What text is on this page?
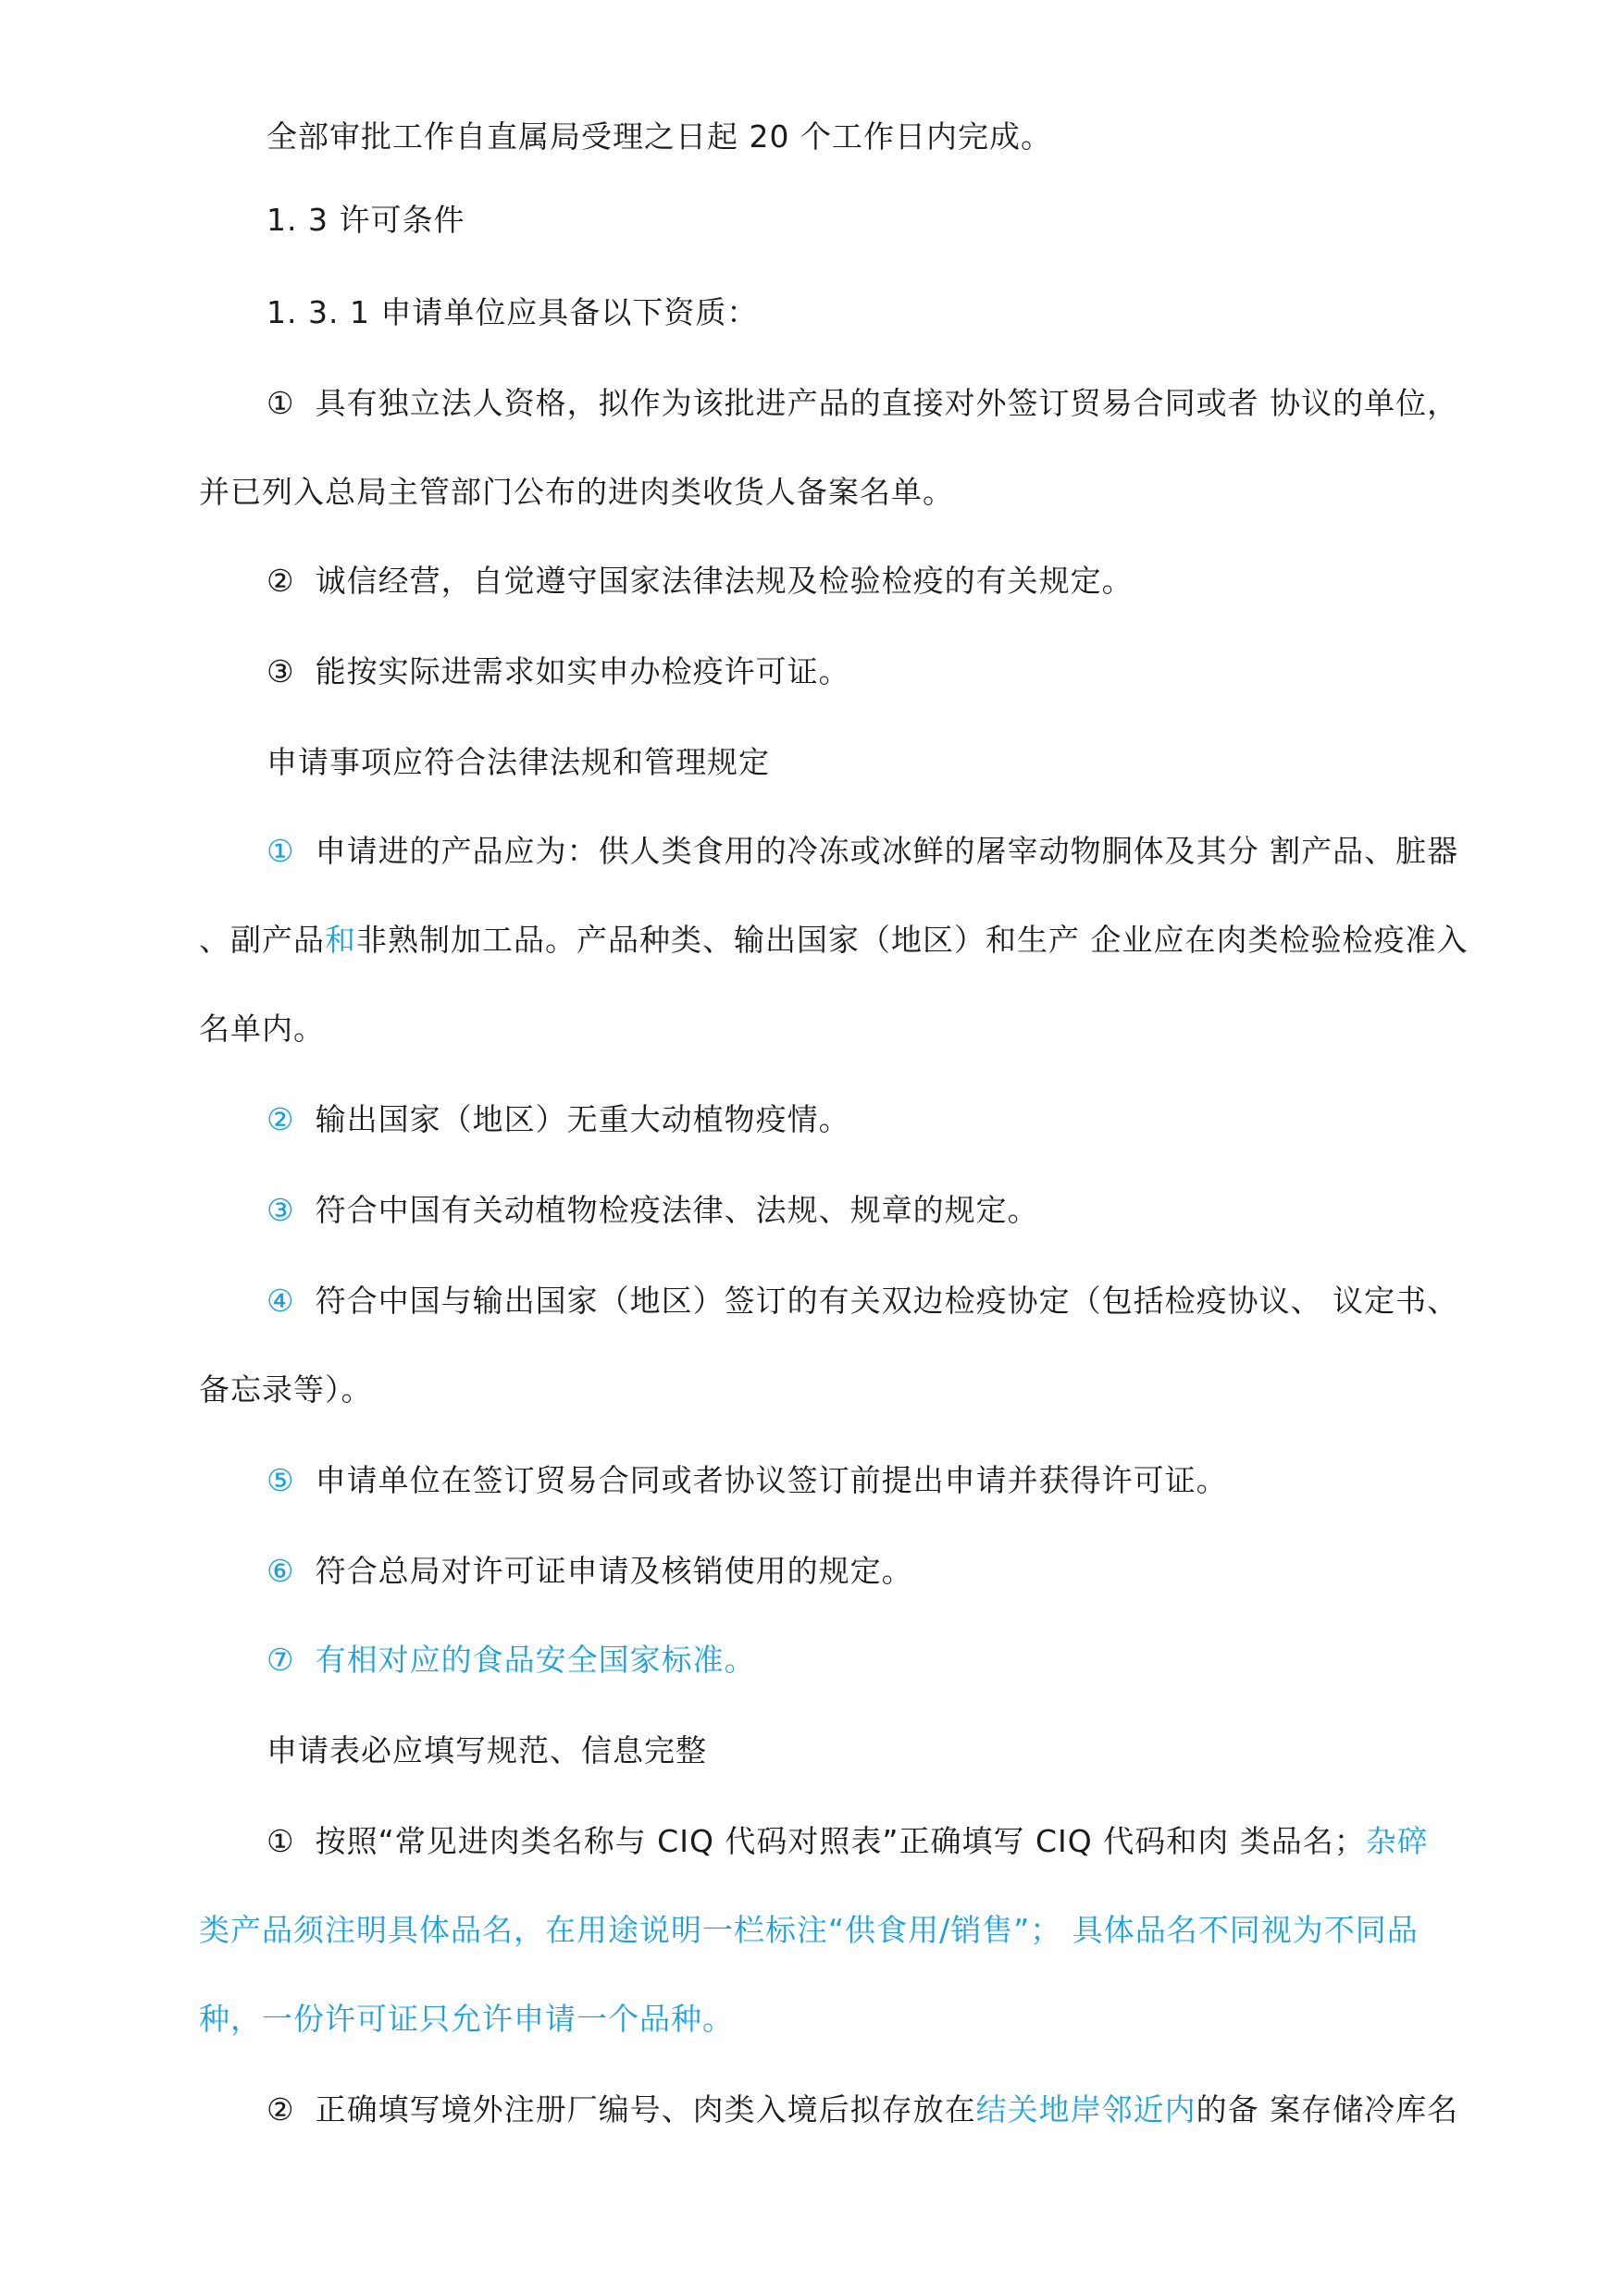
全部审批工作自直属局受理之日起 20 个工作日内完成。
1. 3 许可条件
1. 3. 1 申请单位应具备以下资质：
① 具有独立法人资格，拟作为该批进产品的直接对外签订贸易合同或者 协议的单位，
并已列入总局主管部门公布的进肉类收货人备案名单。
② 诚信经营，自觉遵守国家法律法规及检验检疫的有关规定。
③ 能按实际进需求如实申办检疫许可证。
申请事项应符合法律法规和管理规定
① 申请进的产品应为：供人类食用的冷冻或冰鲜的屠宰动物胴体及其分 割产品、脏器
、副产品和非熟制加工品。产品种类、输出国家（地区）和生产 企业应在肉类检验检疫准入
名单内。
② 输出国家（地区）无重大动植物疫情。
③ 符合中国有关动植物检疫法律、法规、规章的规定。
④ 符合中国与输出国家（地区）签订的有关双边检疫协定（包括检疫协议、 议定书、
备忘录等）。
⑤ 申请单位在签订贸易合同或者协议签订前提出申请并获得许可证。
⑥ 符合总局对许可证申请及核销使用的规定。
⑦ 有相对应的食品安全国家标准。
申请表必应填写规范、信息完整
① 按照“常见进肉类名称与 CIQ 代码对照表”正确填写 CIQ 代码和肉 类品名；杂碎
类产品须注明具体品名，在用途说明一栏标注“供食用/销售”； 具体品名不同视为不同品
种，一份许可证只允许申请一个品种。
② 正确填写境外注册厂编号、肉类入境后拟存放在结关地岸邻近内的备 案存储冷库名
